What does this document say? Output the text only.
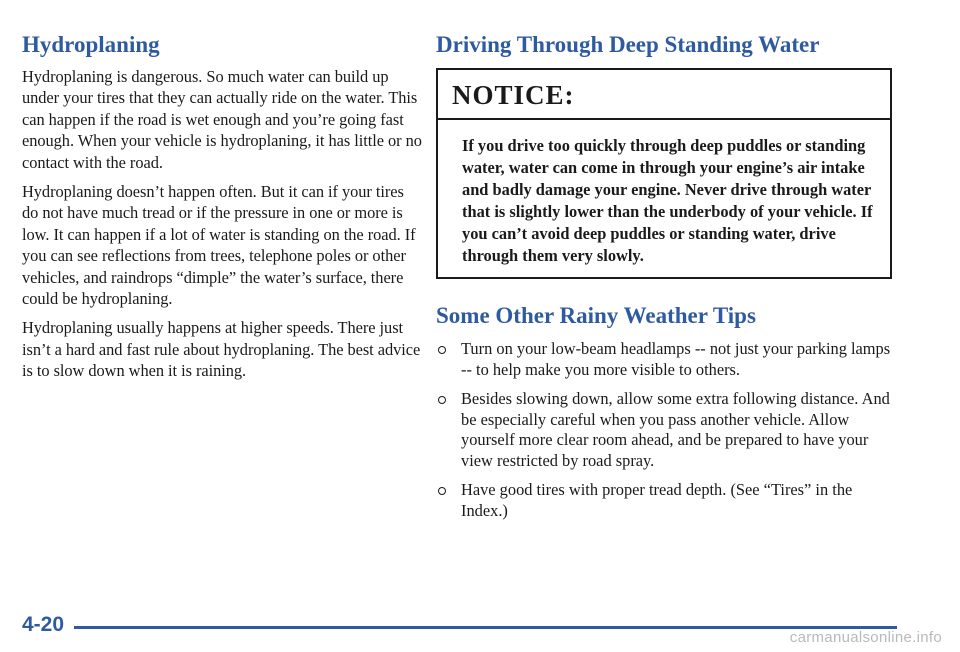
Hydroplaning

Hydroplaning is dangerous. So much water can build up under your tires that they can actually ride on the water. This can happen if the road is wet enough and you’re going fast enough. When your vehicle is hydroplaning, it has little or no contact with the road.

Hydroplaning doesn’t happen often. But it can if your tires do not have much tread or if the pressure in one or more is low. It can happen if a lot of water is standing on the road. If you can see reflections from trees, telephone poles or other vehicles, and raindrops “dimple” the water’s surface, there could be hydroplaning.

Hydroplaning usually happens at higher speeds. There just isn’t a hard and fast rule about hydroplaning. The best advice is to slow down when it is raining.

Driving Through Deep Standing Water
NOTICE:
If you drive too quickly through deep puddles or standing water, water can come in through your engine’s air intake and badly damage your engine. Never drive through water that is slightly lower than the underbody of your vehicle. If you can’t avoid deep puddles or standing water, drive through them very slowly.
Some Other Rainy Weather Tips
Turn on your low-beam headlamps -- not just your parking lamps -- to help make you more visible to others.
Besides slowing down, allow some extra following distance. And be especially careful when you pass another vehicle. Allow yourself more clear room ahead, and be prepared to have your view restricted by road spray.
Have good tires with proper tread depth. (See “Tires” in the Index.)
4-20
carmanualsonline.info
